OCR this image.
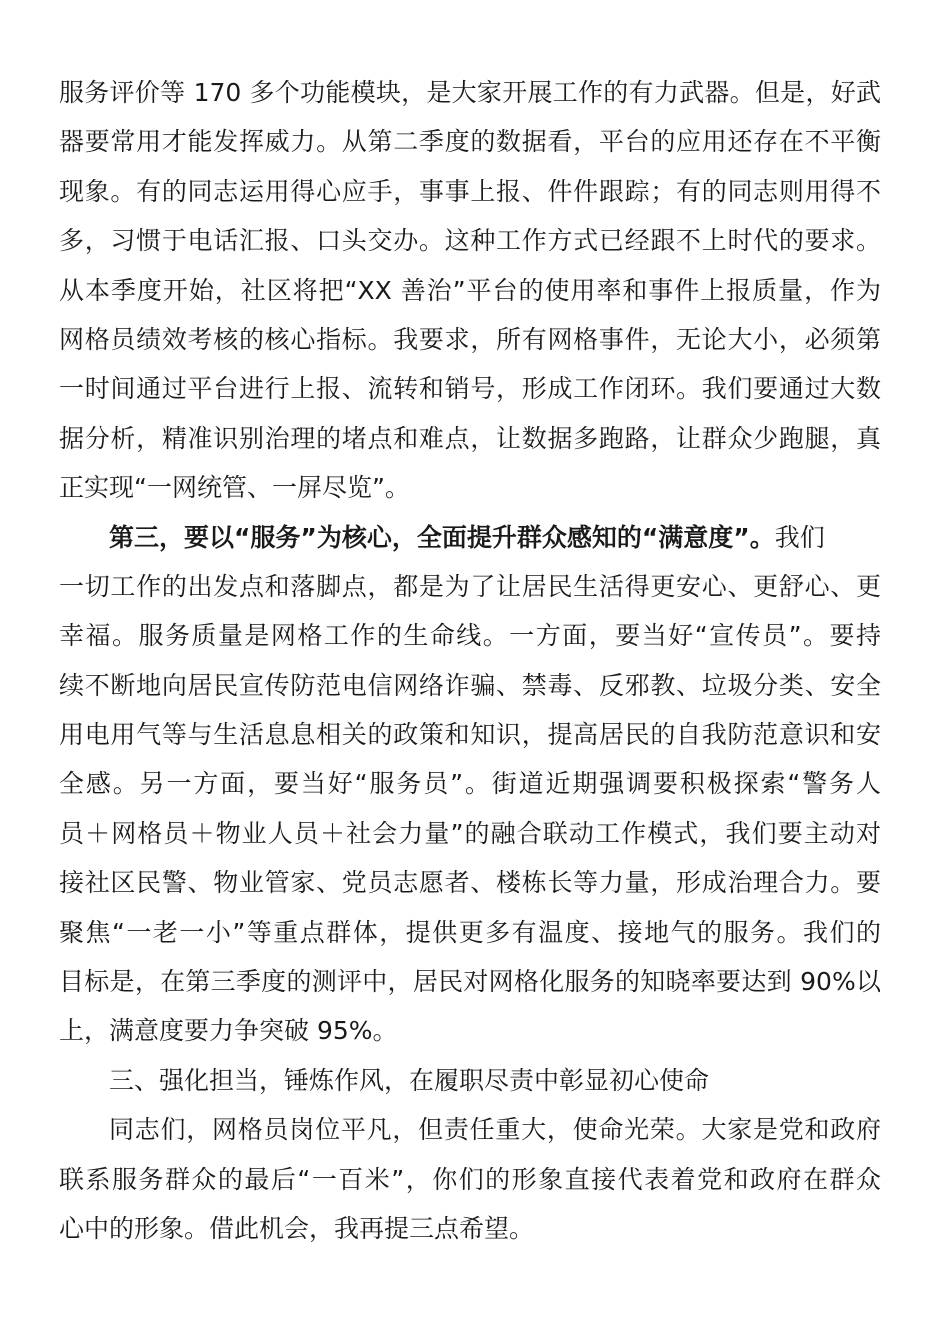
服务评价等 170 多个功能模块，是大家开展工作的有力武器。但是，好武
器要常用才能发挥威力。从第二季度的数据看，平台的应用还存在不平衡
现象。有的同志运用得心应手，事事上报、件件跟踪；有的同志则用得不
多，习惯于电话汇报、口头交办。这种工作方式已经跟不上时代的要求。
从本季度开始，社区将把“XX 善治”平台的使用率和事件上报质量，作为
网格员绩效考核的核心指标。我要求，所有网格事件，无论大小，必须第
一时间通过平台进行上报、流转和销号，形成工作闭环。我们要通过大数
据分析，精准识别治理的堵点和难点，让数据多跑路，让群众少跑腿，真
正实现“一网统管、一屏尽览”。
第三，要以“服务”为核心，全面提升群众感知的“满意度”。我们
一切工作的出发点和落脚点，都是为了让居民生活得更安心、更舒心、更
幸福。服务质量是网格工作的生命线。一方面，要当好“宣传员”。要持
续不断地向居民宣传防范电信网络诈骗、禁毒、反邪教、垃圾分类、安全
用电用气等与生活息息相关的政策和知识，提高居民的自我防范意识和安
全感。另一方面，要当好“服务员”。街道近期强调要积极探索“警务人
员＋网格员＋物业人员＋社会力量”的融合联动工作模式，我们要主动对
接社区民警、物业管家、党员志愿者、楼栋长等力量，形成治理合力。要
聚焦“一老一小”等重点群体，提供更多有温度、接地气的服务。我们的
目标是，在第三季度的测评中，居民对网格化服务的知晓率要达到 90%以
上，满意度要力争突破 95%。
三、强化担当，锤炼作风，在履职尽责中彰显初心使命
同志们，网格员岗位平凡，但责任重大，使命光荣。大家是党和政府
联系服务群众的最后“一百米”，你们的形象直接代表着党和政府在群众
心中的形象。借此机会，我再提三点希望。
